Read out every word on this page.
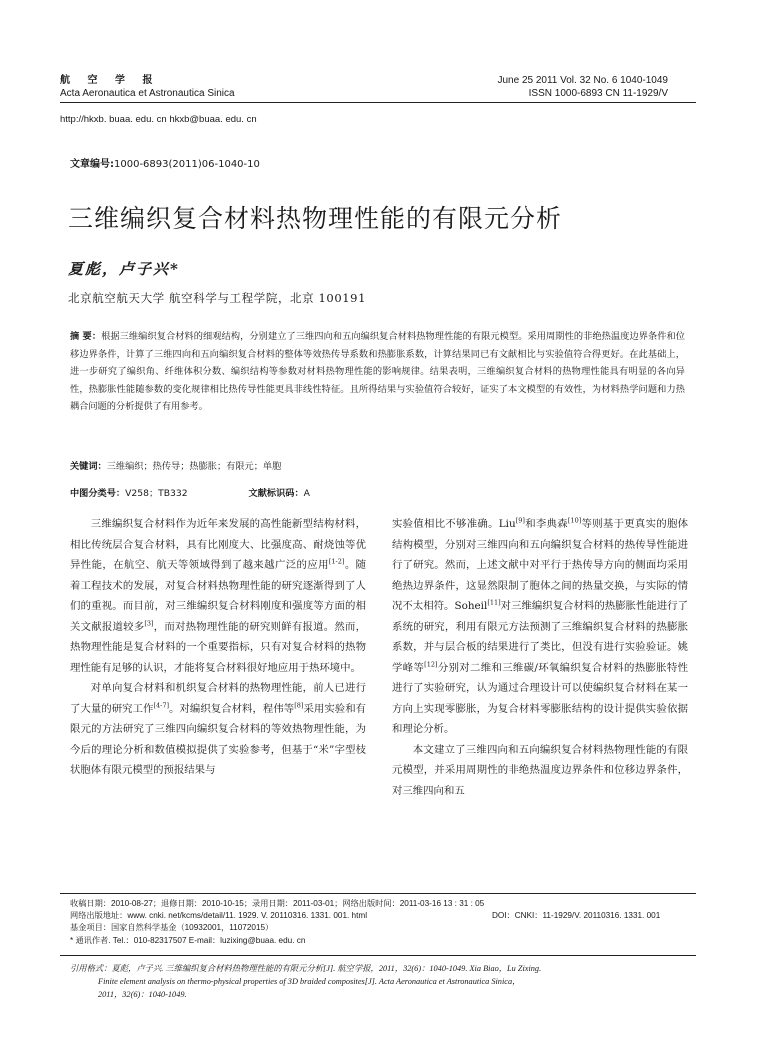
航 空 学 报
Acta Aeronautica et Astronautica Sinica
June 25 2011 Vol. 32 No. 6 1040-1049
ISSN 1000-6893 CN 11-1929/V
http://hkxb. buaa. edu. cn hkxb@buaa. edu. cn
文章编号:1000-6893(2011)06-1040-10
三维编织复合材料热物理性能的有限元分析
夏彪，卢子兴*
北京航空航天大学 航空科学与工程学院，北京 100191
摘 要：根据三维编织复合材料的细观结构，分别建立了三维四向和五向编织复合材料热物理性能的有限元模型。采用周期性的非绝热温度边界条件和位移边界条件，计算了三维四向和五向编织复合材料的整体等效热传导系数和热膨胀系数，计算结果同已有文献相比与实验值符合得更好。在此基础上，进一步研究了编织角、纤维体积分数、编织结构等参数对材料热物理性能的影响规律。结果表明，三维编织复合材料的热物理性能具有明显的各向异性，热膨胀性能随参数的变化规律相比热传导性能更具非线性特征。且所得结果与实验值符合较好，证实了本文模型的有效性，为材料热学问题和力热耦合问题的分析提供了有用参考。
关键词：三维编织；热传导；热膨胀；有限元；单胞
中图分类号：V258；TB332	文献标识码：A

三维编织复合材料作为近年来发展的高性能新型结构材料，相比传统层合复合材料，具有比刚度大、比强度高、耐烧蚀等优异性能，在航空、航天等领域得到了越来越广泛的应用[1-2]。随着工程技术的发展，对复合材料热物理性能的研究逐渐得到了人们的重视。而目前，对三维编织复合材料刚度和强度等方面的相关文献报道较多[3]，而对热物理性能的研究则鲜有报道。然而，热物理性能是复合材料的一个重要指标，只有对复合材料的热物理性能有足够的认识，才能将复合材料很好地应用于热环境中。

对单向复合材料和机织复合材料的热物理性能，前人已进行了大量的研究工作[4-7]。对编织复合材料，程伟等[8]采用实验和有限元的方法研究了三维四向编织复合材料的等效热物理性能，为今后的理论分析和数值模拟提供了实验参考，但基于“米”字型枝状胞体有限元模型的预报结果与

实验值相比不够准确。Liu[9]和李典森[10]等则基于更真实的胞体结构模型，分别对三维四向和五向编织复合材料的热传导性能进行了研究。然而，上述文献中对平行于热传导方向的侧面均采用绝热边界条件，这显然限制了胞体之间的热量交换，与实际的情况不太相符。Soheil[11]对三维编织复合材料的热膨胀性能进行了系统的研究，利用有限元方法预测了三维编织复合材料的热膨胀系数，并与层合板的结果进行了类比，但没有进行实验验证。姚学峰等[12]分别对二维和三维碳/环氧编织复合材料的热膨胀特性进行了实验研究，认为通过合理设计可以使编织复合材料在某一方向上实现零膨胀，为复合材料零膨胀结构的设计提供实验依据和理论分析。

本文建立了三维四向和五向编织复合材料热物理性能的有限元模型，并采用周期性的非绝热温度边界条件和位移边界条件，对三维四向和五

收稿日期：2010-08-27；退修日期：2010-10-15；录用日期：2011-03-01；网络出版时间：2011-03-16 13 : 31 : 05
网络出版地址：www. cnki. net/kcms/detail/11. 1929. V. 20110316. 1331. 001. html	DOI：CNKI：11-1929/V. 20110316. 1331. 001
基金项目：国家自然科学基金（10932001，11072015）
* 通讯作者. Tel.：010-82317507 E-mail：luzixing@buaa. edu. cn
引用格式：夏彪，卢子兴. 三维编织复合材料热物理性能的有限元分析[J]. 航空学报，2011，32(6)：1040-1049. Xia Biao，Lu Zixing.
Finite element analysis on thermo-physical properties of 3D braided composites[J]. Acta Aeronautica et Astronautica Sinica，
2011，32(6)：1040-1049.
